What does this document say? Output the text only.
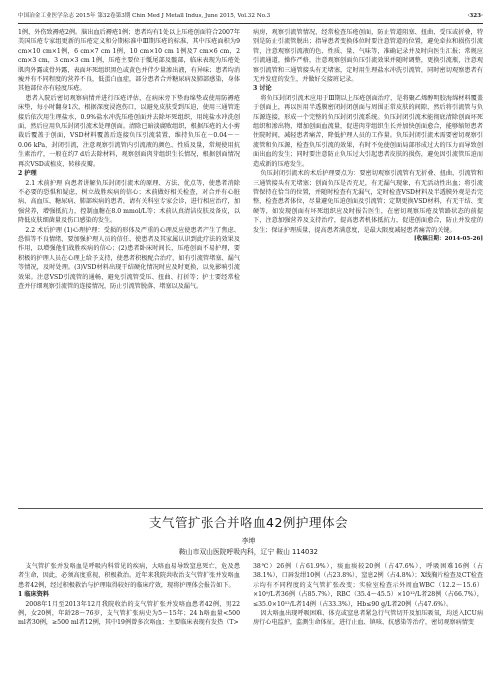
中国冶金工业医学杂志 2015年 第32卷第3期 Chin Med J Metall Indus, June 2015, Vol.32 No.3	·323·

1例，外伤致褥疮2例。脑出血后褥疮1例；患者均有1处以上压疮创面符合2007年美国压疮专家组更新的压疮定义和分期标准中Ⅲ期压疮的标准，其中压疮面积为9 cm×10 cm×1例，6 cm×7 cm 1例，10 cm×10 cm 1例及7 cm×6 cm，2 cm×3 cm，3 cm×3 cm 1例，压疮主要位于骶尾部及髋部，临床表现为压疮处肌肉外露或骨外露，表面坏死组织黑色或黄色并伴少量渗出液，有异味；患者均消瘦并有不同程度的营养不良，低蛋白血症，部分患者合并糖尿病及肺部感染，身体其他部位亦有轻度压疮。

患者入院后密切观察病情并进行压疮评估，在病床旁下垫海绵垫或使用防褥疮床垫，每小时翻身1次，根据深度浸泡伤口，以避免皮肤受到压迫，使用三通管连接后依次用生理盐水，0.9%盐水冲洗压疮创面并去除坏死组织，用纯盐水冲洗创面，然后应用负压封闭引流术处理创面。清除已暗淡腐败组织，根据压疮的大小剪裁后覆盖于创面，VSD材料覆盖后连接负压引流装置，维持负压在－0.04～－0.06 kPa，封闭引流，注意观察引流管内引流液的颜色、性质及量，常规使用抗生素治疗，一般在约7 d后去除材料，观察创面肉芽组织生长情况，根据创面情况再次VSD或植皮、转移皮瓣。

2 护理

2.1 术前护理 向患者讲解负压封闭引流术的原理、方法、优点等，使患者消除不必要的恐惧和疑虑，树立战胜疾病的信心；术前做好相关检查，对合并有心脏病、高血压、糖尿病、肺部疾病的患者，请有关科室专家会诊，进行相应治疗，加强营养，增强抵抗力，控制血糖在8.0 mmol/L等；术前认真清洁皮肤及备皮，以降低皮肤细菌量及伤口感染的发生。

2.2 术后护理 (1)心理护理：受损的形体及严重的心理反应使患者产生了焦虑、恐惧等不良情绪，要加强护理人员的信任、使患者及其家属认识到此疗法的效果及作用，以增强他们战胜疾病的信心；(2)患者卧床时间长，压疮创面不易护理，要积极的护理人员在心理上给予支持，使患者积极配合治疗，如有引流管堵塞、漏气等情况，及时处理。(3)VSD材料出现干结硬化情况时应及时更换，以免影响引流效果。注意VSD引流管的通畅，避免引流管受压、扭曲、打折等；护士要经常检查并仔细观察引流管的连接情况，防止引流管脱落、堵塞以及漏气。

病房，观察引流管情况，经常检查压疮创面，防止管道阻塞、扭曲、受压或折叠，特别是防止引流管脱出；指导患者变换体位时要注意管道的位置，避免牵拉和损伤引流管，注意观察引流液的色、性质、量、气味等，准确记录并及时向医生汇报；常规应引流通道，操作严格，注意观察创面负压引流效果并随时调整，更换引流瓶，注意观察引流管和三通管接头有无堵塞，定时用生理盐水冲洗引流管，同时密切观察患者有无并发症的发生，并做好交接班记录。

3 讨论

将负压封闭引流术应用于Ⅲ期以上压疮创面治疗，是将聚乙烯醇明胶海绵材料覆盖于创面上，再以医用半透膜密闭封闭创面与周围正常皮肤的间隙，然后将引流管与负压源连接，形成一个完整的负压封闭引流系统。负压封闭引流术能彻底清除创面坏死组织和渗出物，增加创面血流量，促进肉芽组织生长并加快创面愈合，能够缩短患者住院时间，减轻患者痛苦，降低护理人员的工作量。负压封闭引流术需要密切观察引流管和负压源，检查负压引流的效果，有时不免使创面局部形成过大的压力而导致创面出血的发生；同时要注意防止负压过大引起患者皮肤的损伤，避免因引流管压迫而造成新的压疮发生。

负压封闭引流术的术后护理要点为：要密切观察引流管有无折叠、扭曲，引流管和三通管接头有无堵塞；创面负压是否充足，有无漏气现象，有无活动性出血；将引流管保持在恰当的位置，并随时检查有无漏气，定时检查VSD材料及半透膜外观是否完整，检查患者体位，尽量避免压迫创面及引流管；定期更换VSD材料，有无干结、变硬等，如发现创面有坏死组织应及时报告医生，在密切观察压疮及管路状态的前提下，注意加强营养及支持治疗，提高患者机体抵抗力，促进创面愈合，防止并发症的发生；保证护理质量，提高患者满意度，是最大限度减轻患者痛苦的关键。

[收稿日期：2014-05-26]

支气管扩张合并咯血42例护理体会
李坤
鞍山市双山医院呼吸内科，辽宁 鞍山 114032

支气管扩张并发咯血是呼吸内科常见的疾病，大咯血易导致窒息死亡，危及患者生命，因此，必须高度重视，积极救治。近年来我院共收治支气管扩张并发咯血患者42例，经过积极救治与护理取得较好的临床疗效，现将护理体会报告如下。

1 临床资料

2008年1月至2013年12月我院收治的支气管扩张并发咯血患者42例，男22例，女20例，年龄28～76岁，支气管扩张病史为5～15年；24 h咯血量<500 ml者30例，≥500 ml者12例，其中19例曾多次咯血；主要临床表现有发热（T>

38℃）26例（占61.9%），痰血痰较20例（占47.6%），呼吸困难16例（占38.1%），口唇发绀10例（占23.8%），窒息2例（占4.8%）；X线胸片检查及CT检查示均有不同程度的支气管扩张改变；实验室检查示外周血WBC（12.2～15.6）×10⁹/L者36例（占85.7%），RBC（35.4～45.5）×10¹²/L者28例（占66.7%），≤35.0×10¹²/L者14例（占33.3%），Hb≤90 g/L者20例（占47.6%）。

因大咯血出现呼吸困难、体克或窒息者紧急行气管切开及加压吸氧，均送入ICU病房行心电监护，监测生命体征，进行止血、镇咳、抗感染等治疗，密切观察病情变
